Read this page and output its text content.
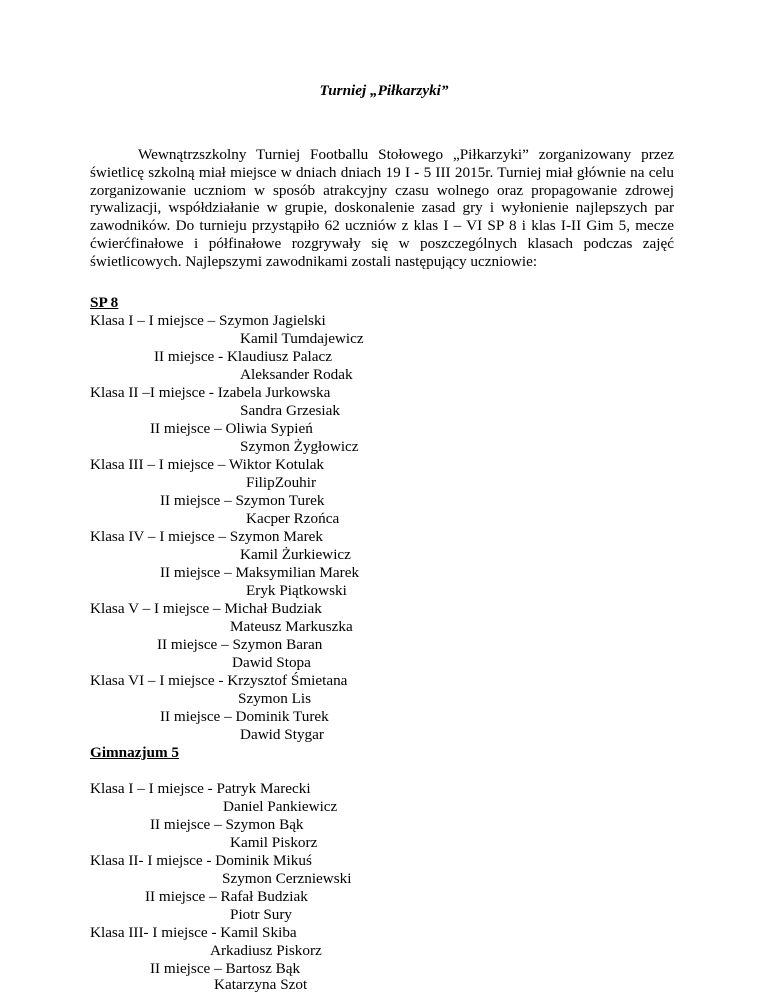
Turniej „Piłkarzyki”

Wewnątrzszkolny Turniej Footballu Stołowego „Piłkarzyki” zorganizowany przez świetlicę szkolną miał miejsce w dniach dniach 19 I - 5 III 2015r. Turniej miał głównie na celu zorganizowanie uczniom w sposób atrakcyjny czasu wolnego oraz propagowanie zdrowej rywalizacji, współdziałanie w grupie, doskonalenie zasad gry i wyłonienie najlepszych par zawodników. Do turnieju przystąpiło 62 uczniów z klas I – VI SP 8 i klas I-II Gim 5, mecze ćwierćfinałowe i półfinałowe rozgrywały się w poszczególnych klasach podczas zajęć świetlicowych. Najlepszymi zawodnikami zostali następujący uczniowie:

SP 8
Klasa I – I miejsce – Szymon Jagielski
Kamil Tumdajewicz
II miejsce - Klaudiusz Palacz
Aleksander Rodak
Klasa II –I miejsce - Izabela Jurkowska
Sandra Grzesiak
II miejsce – Oliwia Sypień
Szymon Żygłowicz
Klasa III – I miejsce – Wiktor Kotulak
FilipZouhir
II miejsce – Szymon Turek
Kacper Rzońca
Klasa IV – I miejsce – Szymon Marek
Kamil Żurkiewicz
II miejsce – Maksymilian Marek
Eryk Piątkowski
Klasa V – I miejsce – Michał Budziak
Mateusz Markuszka
II miejsce – Szymon Baran
Dawid Stopa
Klasa VI – I miejsce - Krzysztof Śmietana
Szymon Lis
II miejsce – Dominik Turek
Dawid Stygar
Gimnazjum 5
Klasa I – I miejsce - Patryk Marecki
Daniel Pankiewicz
II miejsce – Szymon Bąk
Kamil Piskorz
Klasa II- I miejsce - Dominik Mikuś
Szymon Cerzniewski
II miejsce – Rafał Budziak
Piotr Sury
Klasa III- I miejsce - Kamil Skiba
Arkadiusz Piskorz
II miejsce – Bartosz Bąk
Katarzyna Szot
